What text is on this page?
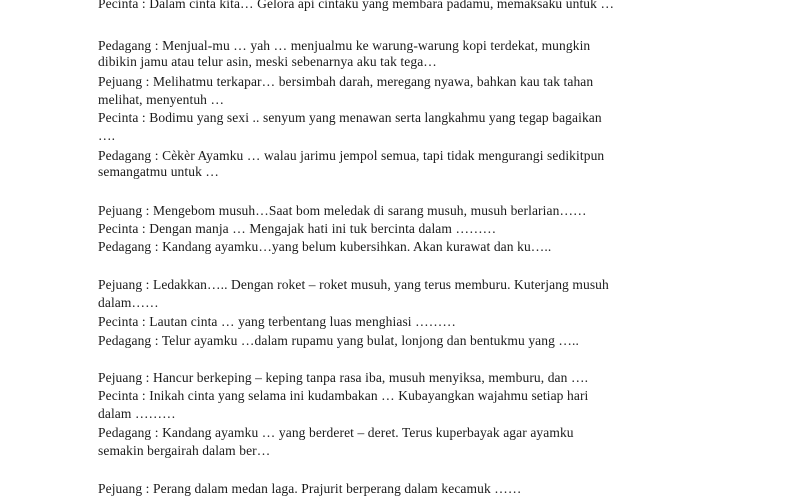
Pecinta : Dalam cinta kita… Gelora api cintaku yang membara padamu, memaksaku untuk …

Pedagang : Menjual-mu … yah … menjualmu ke warung-warung kopi terdekat, mungkin

dibikin jamu atau telur asin, meski sebenarnya aku tak tega…

Pejuang : Melihatmu terkapar… bersimbah darah, meregang nyawa, bahkan kau tak tahan

melihat, menyentuh …

Pecinta : Bodimu yang sexi .. senyum yang menawan serta langkahmu yang tegap bagaikan

….

Pedagang : Cèkèr Ayamku … walau jarimu jempol semua, tapi tidak mengurangi sedikitpun

semangatmu untuk …

Pejuang : Mengebom musuh…Saat bom meledak di sarang musuh, musuh berlarian……

Pecinta : Dengan manja … Mengajak hati ini tuk bercinta dalam ………

Pedagang : Kandang ayamku…yang belum kubersihkan. Akan kurawat dan ku…..

Pejuang : Ledakkan….. Dengan roket – roket musuh, yang terus memburu. Kuterjang musuh

dalam……

Pecinta : Lautan cinta … yang terbentang luas menghiasi ………

Pedagang : Telur ayamku …dalam rupamu yang bulat, lonjong dan bentukmu yang …..

Pejuang : Hancur berkeping – keping tanpa rasa iba, musuh menyiksa, memburu, dan ….

Pecinta : Inikah cinta yang selama ini kudambakan … Kubayangkan wajahmu setiap hari

dalam ………

Pedagang : Kandang ayamku … yang berderet – deret. Terus kuperbayak agar ayamku

semakin bergairah dalam ber…

Pejuang : Perang dalam medan laga. Prajurit berperang dalam kecamuk ……
